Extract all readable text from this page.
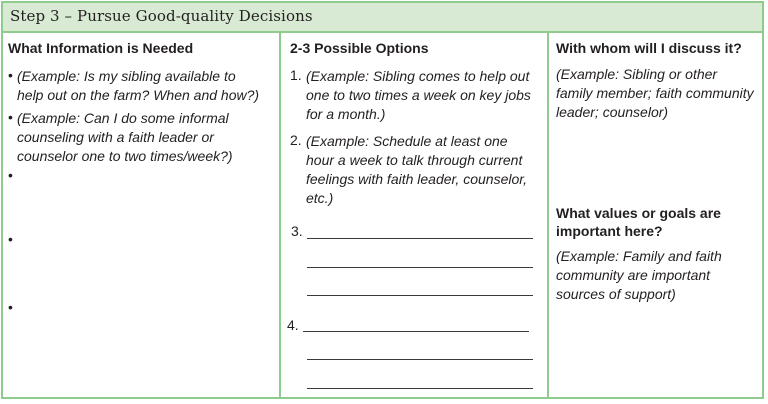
Step 3 – Pursue Good-quality Decisions
What Information is Needed
• (Example: Is my sibling available to
help out on the farm? When and how?)
• (Example: Can I do some informal
counseling with a faith leader or
counselor one to two times/week?)
•
•
•
2-3 Possible Options
1. (Example: Sibling comes to help out
one to two times a week on key jobs
for a month.)
2. (Example: Schedule at least one
hour a week to talk through current
feelings with faith leader, counselor,
etc.)
3.
4.
With whom will I discuss it?
(Example: Sibling or other
family member; faith community
leader; counselor)
What values or goals are
important here?
(Example: Family and faith
community are important
sources of support)
